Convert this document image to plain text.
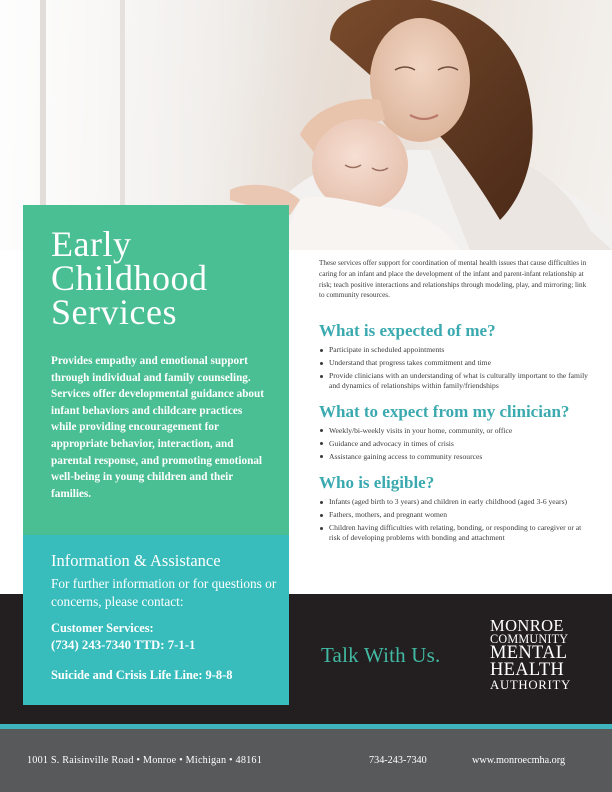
These services offer support for coordination of mental health issues that cause difficulties in caring for an infant and place the development of the infant and parent-infant relationship at risk; teach positive interactions and relationships through modeling, play, and mirroring; link to community resources.

What is expected of me?
Participate in scheduled appointments
Understand that progress takes commitment and time
Provide clinicians with an understanding of what is culturally important to the family and dynamics of relationships within family/friendships
What to expect from my clinician?
Weekly/bi-weekly visits in your home, community, or office
Guidance and advocacy in times of crisis
Assistance gaining access to community resources
Who is eligible?
Infants (aged birth to 3 years) and children in early childhood (aged 3-6 years)
Fathers, mothers, and pregnant women
Children having difficulties with relating, bonding, or responding to caregiver or at risk of developing problems with bonding and attachment
Talk With Us.
MONROE
COMMUNITY
MENTAL
HEALTH
AUTHORITY
Early
Childhood
Services

Provides empathy and emotional support through individual and family counseling. Services offer developmental guidance about infant behaviors and childcare practices while providing encouragement for appropriate behavior, interaction, and parental response, and promoting emotional well-being in young children and their families.

Information & Assistance
For further information or for questions or concerns, please contact:
Customer Services:
(734) 243-7340 TTD: 7-1-1
Suicide and Crisis Life Line: 9-8-8
1001 S. Raisinville Road • Monroe • Michigan • 48161	734-243-7340	www.monroecmha.org
